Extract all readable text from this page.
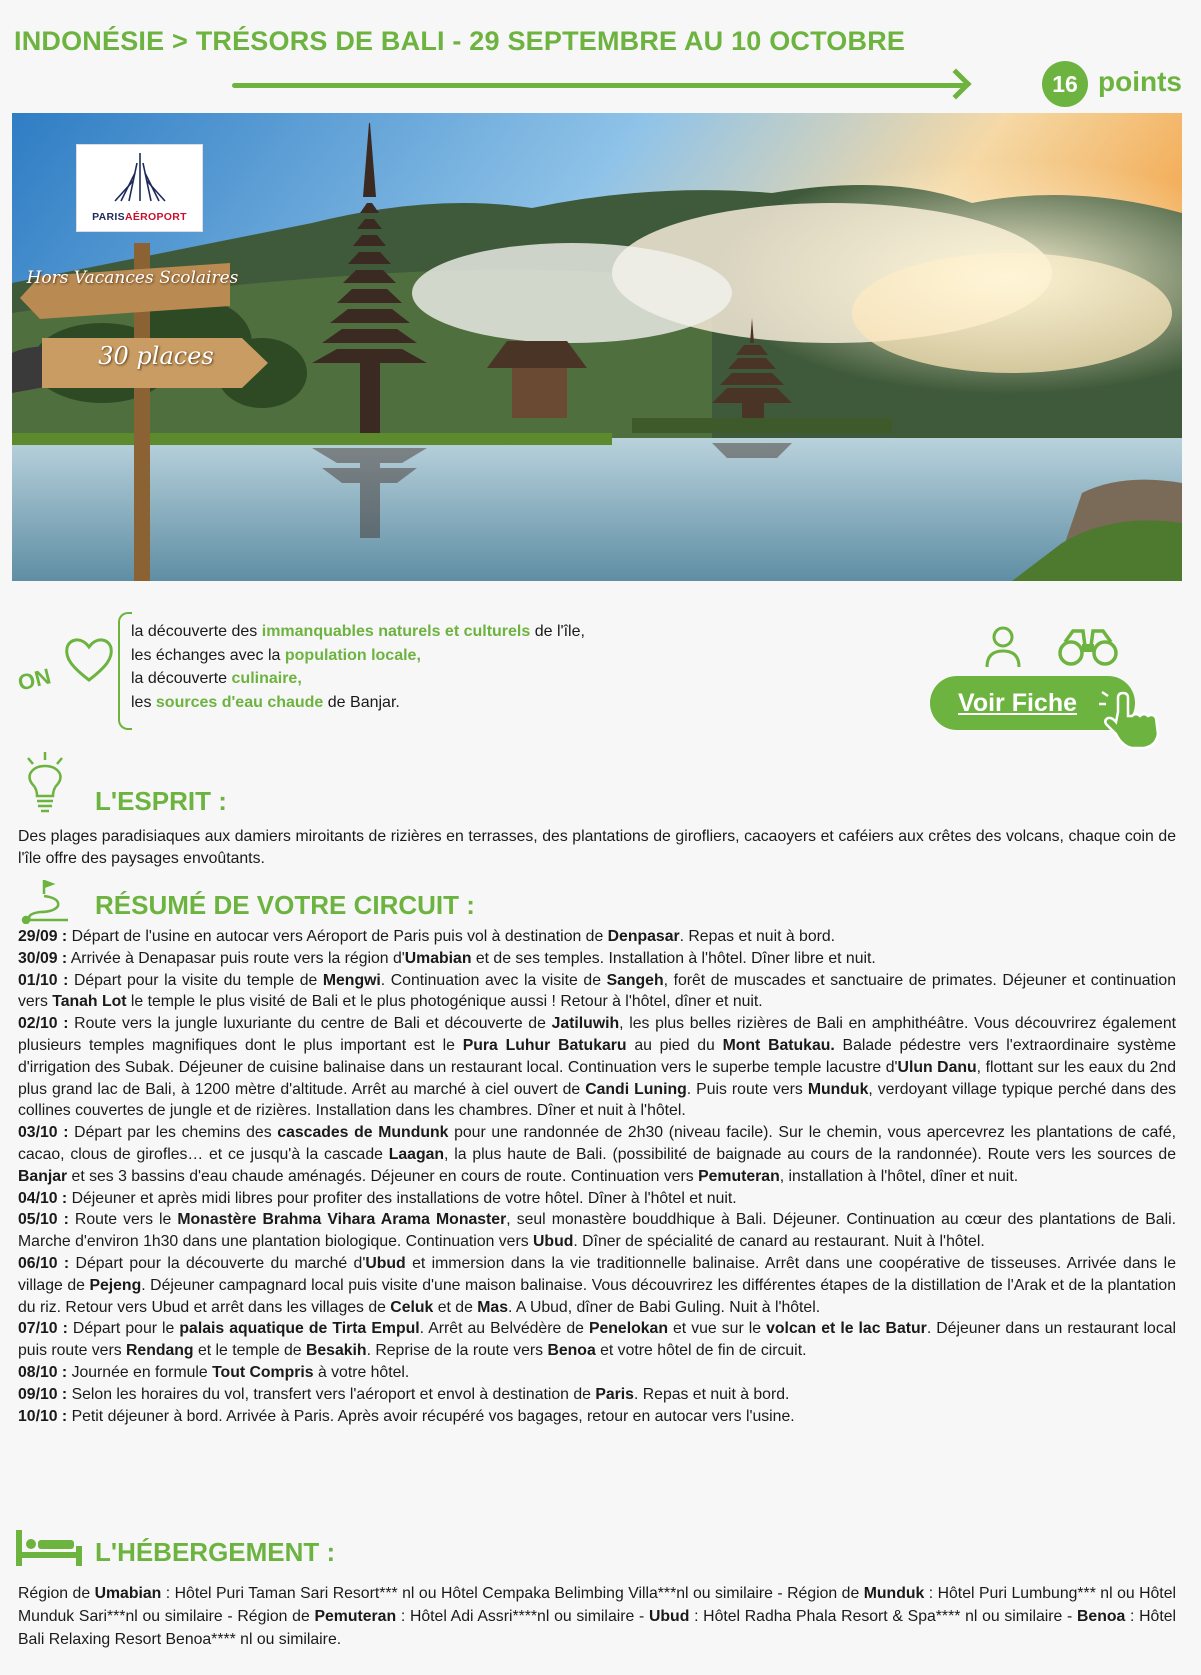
INDONÉSIE > TRÉSORS DE BALI - 29 SEPTEMBRE AU 10 OCTOBRE
16 points
PARISAÉROPORT
Hors Vacances Scolaires
30 places
ON
la découverte des immanquables naturels et culturels de l'île,
les échanges avec la population locale,
la découverte culinaire,
les sources d'eau chaude de Banjar.	Voir Fiche
L'ESPRIT :
Des plages paradisiaques aux damiers miroitants de rizières en terrasses, des plantations de girofliers, cacaoyers et caféiers aux crêtes des volcans, chaque coin de l'île offre des paysages envoûtants.
RÉSUMÉ DE VOTRE CIRCUIT :

29/09 : Départ de l'usine en autocar vers Aéroport de Paris puis vol à destination de Denpasar. Repas et nuit à bord.

30/09 : Arrivée à Denapasar puis route vers la région d'Umabian et de ses temples. Installation à l'hôtel. Dîner libre et nuit.

01/10 : Départ pour la visite du temple de Mengwi. Continuation avec la visite de Sangeh, forêt de muscades et sanctuaire de primates. Déjeuner et continuation vers Tanah Lot le temple le plus visité de Bali et le plus photogénique aussi ! Retour à l'hôtel, dîner et nuit.

02/10 : Route vers la jungle luxuriante du centre de Bali et découverte de Jatiluwih, les plus belles rizières de Bali en amphithéâtre. Vous découvrirez également plusieurs temples magnifiques dont le plus important est le Pura Luhur Batukaru au pied du Mont Batukau. Balade pédestre vers l'extraordinaire système d'irrigation des Subak. Déjeuner de cuisine balinaise dans un restaurant local. Continuation vers le superbe temple lacustre d'Ulun Danu, flottant sur les eaux du 2nd plus grand lac de Bali, à 1200 mètre d'altitude. Arrêt au marché à ciel ouvert de Candi Luning. Puis route vers Munduk, verdoyant village typique perché dans des collines couvertes de jungle et de rizières. Installation dans les chambres. Dîner et nuit à l'hôtel.

03/10 : Départ par les chemins des cascades de Mundunk pour une randonnée de 2h30 (niveau facile). Sur le chemin, vous apercevrez les plantations de café, cacao, clous de girofles… et ce jusqu'à la cascade Laagan, la plus haute de Bali. (possibilité de baignade au cours de la randonnée). Route vers les sources de Banjar et ses 3 bassins d'eau chaude aménagés. Déjeuner en cours de route. Continuation vers Pemuteran, installation à l'hôtel, dîner et nuit.

04/10 : Déjeuner et après midi libres pour profiter des installations de votre hôtel. Dîner à l'hôtel et nuit.

05/10 : Route vers le Monastère Brahma Vihara Arama Monaster, seul monastère bouddhique à Bali. Déjeuner. Continuation au cœur des plantations de Bali. Marche d'environ 1h30 dans une plantation biologique. Continuation vers Ubud. Dîner de spécialité de canard au restaurant. Nuit à l'hôtel.

06/10 : Départ pour la découverte du marché d'Ubud et immersion dans la vie traditionnelle balinaise. Arrêt dans une coopérative de tisseuses. Arrivée dans le village de Pejeng. Déjeuner campagnard local puis visite d'une maison balinaise. Vous découvrirez les différentes étapes de la distillation de l'Arak et de la plantation du riz. Retour vers Ubud et arrêt dans les villages de Celuk et de Mas. A Ubud, dîner de Babi Guling. Nuit à l'hôtel.

07/10 : Départ pour le palais aquatique de Tirta Empul. Arrêt au Belvédère de Penelokan et vue sur le volcan et le lac Batur. Déjeuner dans un restaurant local puis route vers Rendang et le temple de Besakih. Reprise de la route vers Benoa et votre hôtel de fin de circuit.

08/10 : Journée en formule Tout Compris à votre hôtel.

09/10 : Selon les horaires du vol, transfert vers l'aéroport et envol à destination de Paris. Repas et nuit à bord.

10/10 : Petit déjeuner à bord. Arrivée à Paris. Après avoir récupéré vos bagages, retour en autocar vers l'usine.

L'HÉBERGEMENT :
Région de Umabian : Hôtel Puri Taman Sari Resort*** nl ou Hôtel Cempaka Belimbing Villa***nl ou similaire - Région de Munduk : Hôtel Puri Lumbung*** nl ou Hôtel Munduk Sari***nl ou similaire - Région de Pemuteran : Hôtel Adi Assri****nl ou similaire - Ubud : Hôtel Radha Phala Resort & Spa**** nl ou similaire - Benoa : Hôtel Bali Relaxing Resort Benoa**** nl ou similaire.
